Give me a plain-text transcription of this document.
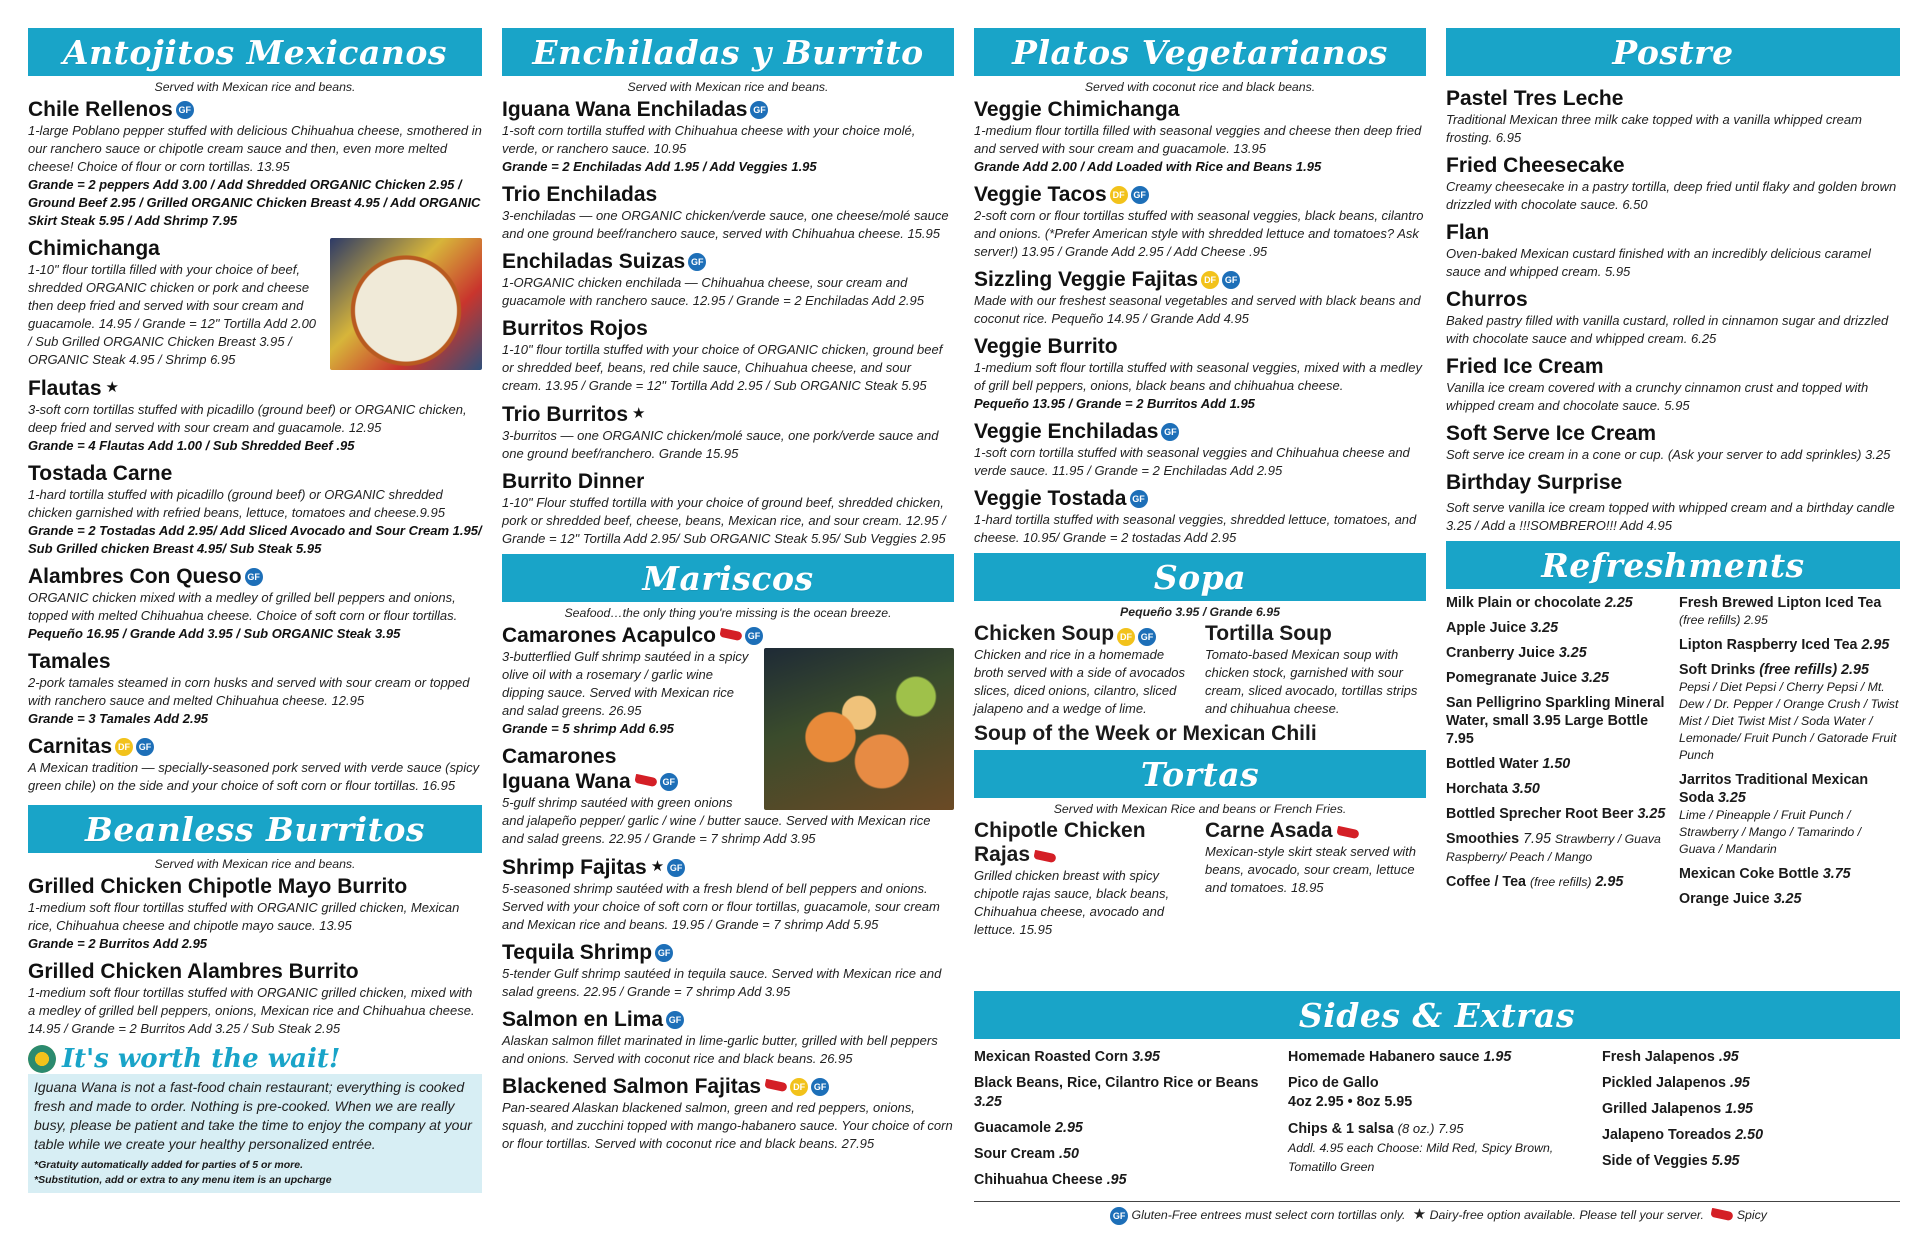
Antojitos Mexicanos
Served with Mexican rice and beans.
Chile Rellenos GF
1-large Poblano pepper stuffed with delicious Chihuahua cheese, smothered in our ranchero sauce or chipotle cream sauce and then, even more melted cheese! Choice of flour or corn tortillas. 13.95
Grande = 2 peppers Add 3.00 / Add Shredded ORGANIC Chicken 2.95 / Ground Beef 2.95 / Grilled ORGANIC Chicken Breast 4.95 / Add ORGANIC Skirt Steak 5.95 / Add Shrimp 7.95
Chimichanga
1-10" flour tortilla filled with your choice of beef, shredded ORGANIC chicken or pork and cheese then deep fried and served with sour cream and guacamole. 14.95 / Grande = 12" Tortilla Add 2.00 / Sub Grilled ORGANIC Chicken Breast 3.95 / ORGANIC Steak 4.95 / Shrimp 6.95
Flautas ★
3-soft corn tortillas stuffed with picadillo (ground beef) or ORGANIC chicken, deep fried and served with sour cream and guacamole. 12.95
Grande = 4 Flautas Add 1.00 / Sub Shredded Beef .95
Tostada Carne
1-hard tortilla stuffed with picadillo (ground beef) or ORGANIC shredded chicken garnished with refried beans, lettuce, tomatoes and cheese.9.95
Grande = 2 Tostadas Add 2.95/ Add Sliced Avocado and Sour Cream 1.95/ Sub Grilled chicken Breast 4.95/ Sub Steak 5.95
Alambres Con Queso GF
ORGANIC chicken mixed with a medley of grilled bell peppers and onions, topped with melted Chihuahua cheese. Choice of soft corn or flour tortillas.
Pequeño 16.95 / Grande Add 3.95 / Sub ORGANIC Steak 3.95
Tamales
2-pork tamales steamed in corn husks and served with sour cream or topped with ranchero sauce and melted Chihuahua cheese. 12.95
Grande = 3 Tamales Add 2.95
Carnitas DF GF
A Mexican tradition — specially-seasoned pork served with verde sauce (spicy green chile) on the side and your choice of soft corn or flour tortillas. 16.95
Beanless Burritos
Served with Mexican rice and beans.
Grilled Chicken Chipotle Mayo Burrito
1-medium soft flour tortillas stuffed with ORGANIC grilled chicken, Mexican rice, Chihuahua cheese and chipotle mayo sauce. 13.95
Grande = 2 Burritos Add 2.95
Grilled Chicken Alambres Burrito
1-medium soft flour tortillas stuffed with ORGANIC grilled chicken, mixed with a medley of grilled bell peppers, onions, Mexican rice and Chihuahua cheese. 14.95 / Grande = 2 Burritos Add 3.25 / Sub Steak 2.95
It's worth the wait!
Iguana Wana is not a fast-food chain restaurant; everything is cooked fresh and made to order. Nothing is pre-cooked. When we are really busy, please be patient and take the time to enjoy the company at your table while we create your healthy personalized entrée.
*Gratuity automatically added for parties of 5 or more.
*Substitution, add or extra to any menu item is an upcharge
Enchiladas y Burrito
Served with Mexican rice and beans.
Iguana Wana Enchiladas GF
1-soft corn tortilla stuffed with Chihuahua cheese with your choice molé, verde, or ranchero sauce. 10.95
Grande = 2 Enchiladas Add 1.95 / Add Veggies 1.95
Trio Enchiladas
3-enchiladas — one ORGANIC chicken/verde sauce, one cheese/molé sauce and one ground beef/ranchero sauce, served with Chihuahua cheese. 15.95
Enchiladas Suizas GF
1-ORGANIC chicken enchilada — Chihuahua cheese, sour cream and guacamole with ranchero sauce. 12.95 / Grande = 2 Enchiladas Add 2.95
Burritos Rojos
1-10" flour tortilla stuffed with your choice of ORGANIC chicken, ground beef or shredded beef, beans, red chile sauce, Chihuahua cheese, and sour cream. 13.95 / Grande = 12" Tortilla Add 2.95 / Sub ORGANIC Steak 5.95
Trio Burritos ★
3-burritos — one ORGANIC chicken/molé sauce, one pork/verde sauce and one ground beef/ranchero. Grande 15.95
Burrito Dinner
1-10" Flour stuffed tortilla with your choice of ground beef, shredded chicken, pork or shredded beef, cheese, beans, Mexican rice, and sour cream. 12.95 / Grande = 12" Tortilla Add 2.95/ Sub ORGANIC Steak 5.95/ Sub Veggies 2.95
Mariscos
Seafood…the only thing you're missing is the ocean breeze.
Camarones Acapulco	GF
3-butterflied Gulf shrimp sautéed in a spicy olive oil with a rosemary / garlic wine dipping sauce. Served with Mexican rice and salad greens. 26.95
Grande = 5 shrimp Add 6.95
Camarones
Iguana Wana	GF
5-gulf shrimp sautéed with green onions and jalapeño pepper/ garlic / wine / butter sauce. Served with Mexican rice and salad greens. 22.95 / Grande = 7 shrimp Add 3.95
Shrimp Fajitas ★ GF
5-seasoned shrimp sautéed with a fresh blend of bell peppers and onions. Served with your choice of soft corn or flour tortillas, guacamole, sour cream and Mexican rice and beans. 19.95 / Grande = 7 shrimp Add 5.95
Tequila Shrimp GF
5-tender Gulf shrimp sautéed in tequila sauce. Served with Mexican rice and salad greens. 22.95 / Grande = 7 shrimp Add 3.95
Salmon en Lima GF
Alaskan salmon fillet marinated in lime-garlic butter, grilled with bell peppers and onions. Served with coconut rice and black beans. 26.95
Blackened Salmon Fajitas	DF GF
Pan-seared Alaskan blackened salmon, green and red peppers, onions, squash, and zucchini topped with mango-habanero sauce. Your choice of corn or flour tortillas. Served with coconut rice and black beans. 27.95
Platos Vegetarianos
Served with coconut rice and black beans.
Veggie Chimichanga
1-medium flour tortilla filled with seasonal veggies and cheese then deep fried and served with sour cream and guacamole. 13.95
Grande Add 2.00 / Add Loaded with Rice and Beans 1.95
Veggie Tacos DF GF
2-soft corn or flour tortillas stuffed with seasonal veggies, black beans, cilantro and onions. (*Prefer American style with shredded lettuce and tomatoes? Ask server!) 13.95 / Grande Add 2.95 / Add Cheese .95
Sizzling Veggie Fajitas DF GF
Made with our freshest seasonal vegetables and served with black beans and coconut rice. Pequeño 14.95 / Grande Add 4.95
Veggie Burrito
1-medium soft flour tortilla stuffed with seasonal veggies, mixed with a medley of grill bell peppers, onions, black beans and chihuahua cheese.
Pequeño 13.95 / Grande = 2 Burritos Add 1.95
Veggie Enchiladas GF
1-soft corn tortilla stuffed with seasonal veggies and Chihuahua cheese and verde sauce. 11.95 / Grande = 2 Enchiladas Add 2.95
Veggie Tostada GF
1-hard tortilla stuffed with seasonal veggies, shredded lettuce, tomatoes, and cheese. 10.95/ Grande = 2 tostadas Add 2.95
Sopa
Pequeño 3.95 / Grande 6.95
Chicken Soup DF GF
Chicken and rice in a homemade broth served with a side of avocados slices, diced onions, cilantro, sliced jalapeno and a wedge of lime.
Tortilla Soup
Tomato-based Mexican soup with chicken stock, garnished with sour cream, sliced avocado, tortillas strips and chihuahua cheese.
Soup of the Week or Mexican Chili
Tortas
Served with Mexican Rice and beans or French Fries.
Chipotle Chicken
Rajas
Grilled chicken breast with spicy chipotle rajas sauce, black beans, Chihuahua cheese, avocado and lettuce. 15.95
Carne Asada
Mexican-style skirt steak served with beans, avocado, sour cream, lettuce and tomatoes. 18.95
Postre
Pastel Tres Leche
Traditional Mexican three milk cake topped with a vanilla whipped cream frosting. 6.95
Fried Cheesecake
Creamy cheesecake in a pastry tortilla, deep fried until flaky and golden brown drizzled with chocolate sauce. 6.50
Flan
Oven-baked Mexican custard finished with an incredibly delicious caramel sauce and whipped cream. 5.95
Churros
Baked pastry filled with vanilla custard, rolled in cinnamon sugar and drizzled with chocolate sauce and whipped cream. 6.25
Fried Ice Cream
Vanilla ice cream covered with a crunchy cinnamon crust and topped with whipped cream and chocolate sauce. 5.95
Soft Serve Ice Cream
Soft serve ice cream in a cone or cup. (Ask your server to add sprinkles) 3.25
Birthday Surprise
Soft serve vanilla ice cream topped with whipped cream and a birthday candle 3.25 / Add a !!!SOMBRERO!!! Add 4.95
Refreshments
Milk Plain or chocolate 2.25
Apple Juice 3.25
Cranberry Juice 3.25
Pomegranate Juice 3.25
San Pelligrino Sparkling Mineral Water, small 3.95 Large Bottle 7.95
Bottled Water 1.50
Horchata 3.50
Bottled Sprecher Root Beer 3.25
Smoothies 7.95 Strawberry / Guava Raspberry/ Peach / Mango
Coffee / Tea (free refills) 2.95
Fresh Brewed Lipton Iced Tea
(free refills) 2.95
Lipton Raspberry Iced Tea 2.95
Soft Drinks (free refills) 2.95
Pepsi / Diet Pepsi / Cherry Pepsi / Mt. Dew / Dr. Pepper / Orange Crush / Twist Mist / Diet Twist Mist / Soda Water / Lemonade/ Fruit Punch / Gatorade Fruit Punch
Jarritos Traditional Mexican Soda 3.25
Lime / Pineapple / Fruit Punch / Strawberry / Mango / Tamarindo / Guava / Mandarin
Mexican Coke Bottle 3.75
Orange Juice 3.25
Sides & Extras
Mexican Roasted Corn 3.95
Black Beans, Rice, Cilantro Rice or Beans 3.25
Guacamole 2.95
Sour Cream .50
Chihuahua Cheese .95
Homemade Habanero sauce 1.95
Pico de Gallo
4oz 2.95 • 8oz 5.95
Chips & 1 salsa (8 oz.) 7.95
Addl. 4.95 each Choose: Mild Red, Spicy Brown, Tomatillo Green
Fresh Jalapenos .95
Pickled Jalapenos .95
Grilled Jalapenos 1.95
Jalapeno Toreados 2.50
Side of Veggies 5.95
GF Gluten-Free entrees must select corn tortillas only. ★ Dairy-free option available. Please tell your server.	Spicy
